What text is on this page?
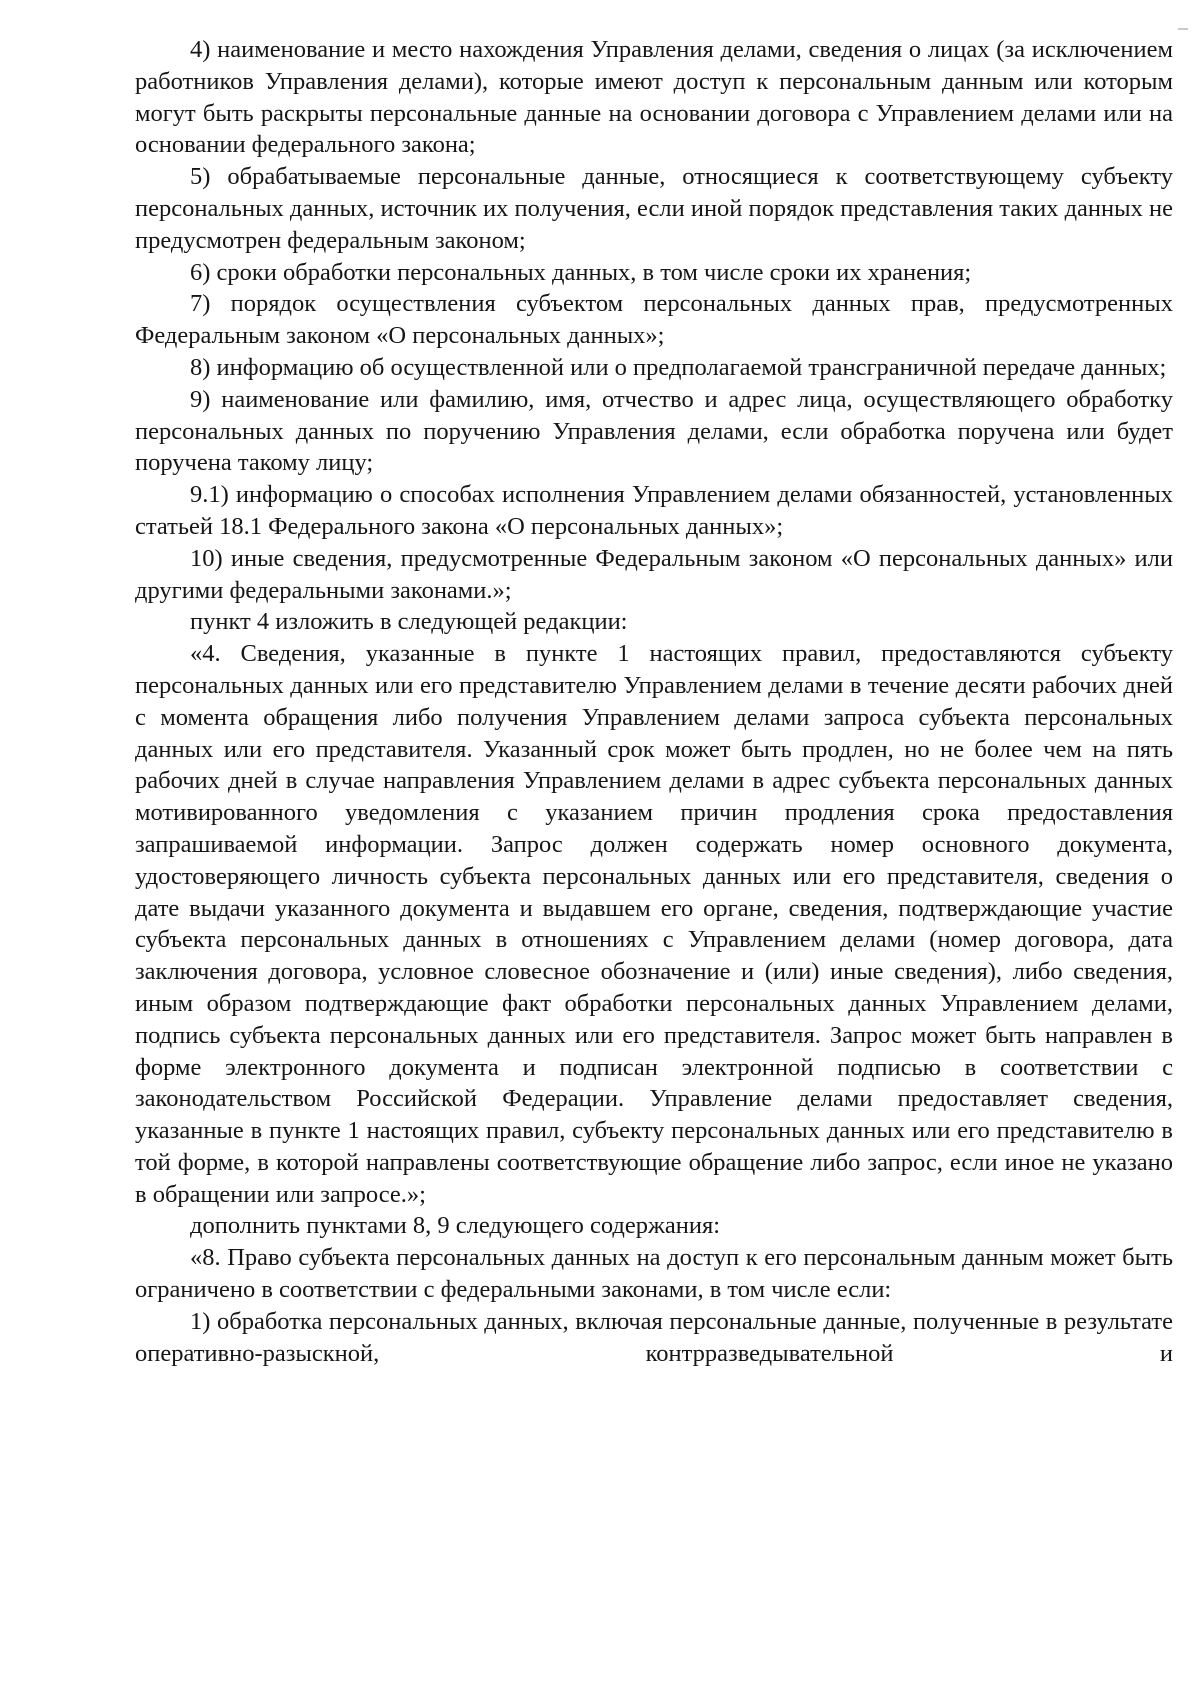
4) наименование и место нахождения Управления делами, сведения о лицах (за исключением работников Управления делами), которые имеют доступ к персональным данным или которым могут быть раскрыты персональные данные на основании договора с Управлением делами или на основании федерального закона;

5) обрабатываемые персональные данные, относящиеся к соответствующему субъекту персональных данных, источник их получения, если иной порядок представления таких данных не предусмотрен федеральным законом;

6) сроки обработки персональных данных, в том числе сроки их хранения;

7) порядок осуществления субъектом персональных данных прав, предусмотренных Федеральным законом «О персональных данных»;

8) информацию об осуществленной или о предполагаемой трансграничной передаче данных;

9) наименование или фамилию, имя, отчество и адрес лица, осуществляющего обработку персональных данных по поручению Управления делами, если обработка поручена или будет поручена такому лицу;

9.1) информацию о способах исполнения Управлением делами обязанностей, установленных статьей 18.1 Федерального закона «О персональных данных»;

10) иные сведения, предусмотренные Федеральным законом «О персональных данных» или другими федеральными законами.»;

пункт 4 изложить в следующей редакции:

«4. Сведения, указанные в пункте 1 настоящих правил, предоставляются субъекту персональных данных или его представителю Управлением делами в течение десяти рабочих дней с момента обращения либо получения Управлением делами запроса субъекта персональных данных или его представителя. Указанный срок может быть продлен, но не более чем на пять рабочих дней в случае направления Управлением делами в адрес субъекта персональных данных мотивированного уведомления с указанием причин продления срока предоставления запрашиваемой информации. Запрос должен содержать номер основного документа, удостоверяющего личность субъекта персональных данных или его представителя, сведения о дате выдачи указанного документа и выдавшем его органе, сведения, подтверждающие участие субъекта персональных данных в отношениях с Управлением делами (номер договора, дата заключения договора, условное словесное обозначение и (или) иные сведения), либо сведения, иным образом подтверждающие факт обработки персональных данных Управлением делами, подпись субъекта персональных данных или его представителя. Запрос может быть направлен в форме электронного документа и подписан электронной подписью в соответствии с законодательством Российской Федерации. Управление делами предоставляет сведения, указанные в пункте 1 настоящих правил, субъекту персональных данных или его представителю в той форме, в которой направлены соответствующие обращение либо запрос, если иное не указано в обращении или запросе.»;

дополнить пунктами 8, 9 следующего содержания:

«8. Право субъекта персональных данных на доступ к его персональным данным может быть ограничено в соответствии с федеральными законами, в том числе если:

1) обработка персональных данных, включая персональные данные, полученные в результате оперативно-разыскной, контрразведывательной и
